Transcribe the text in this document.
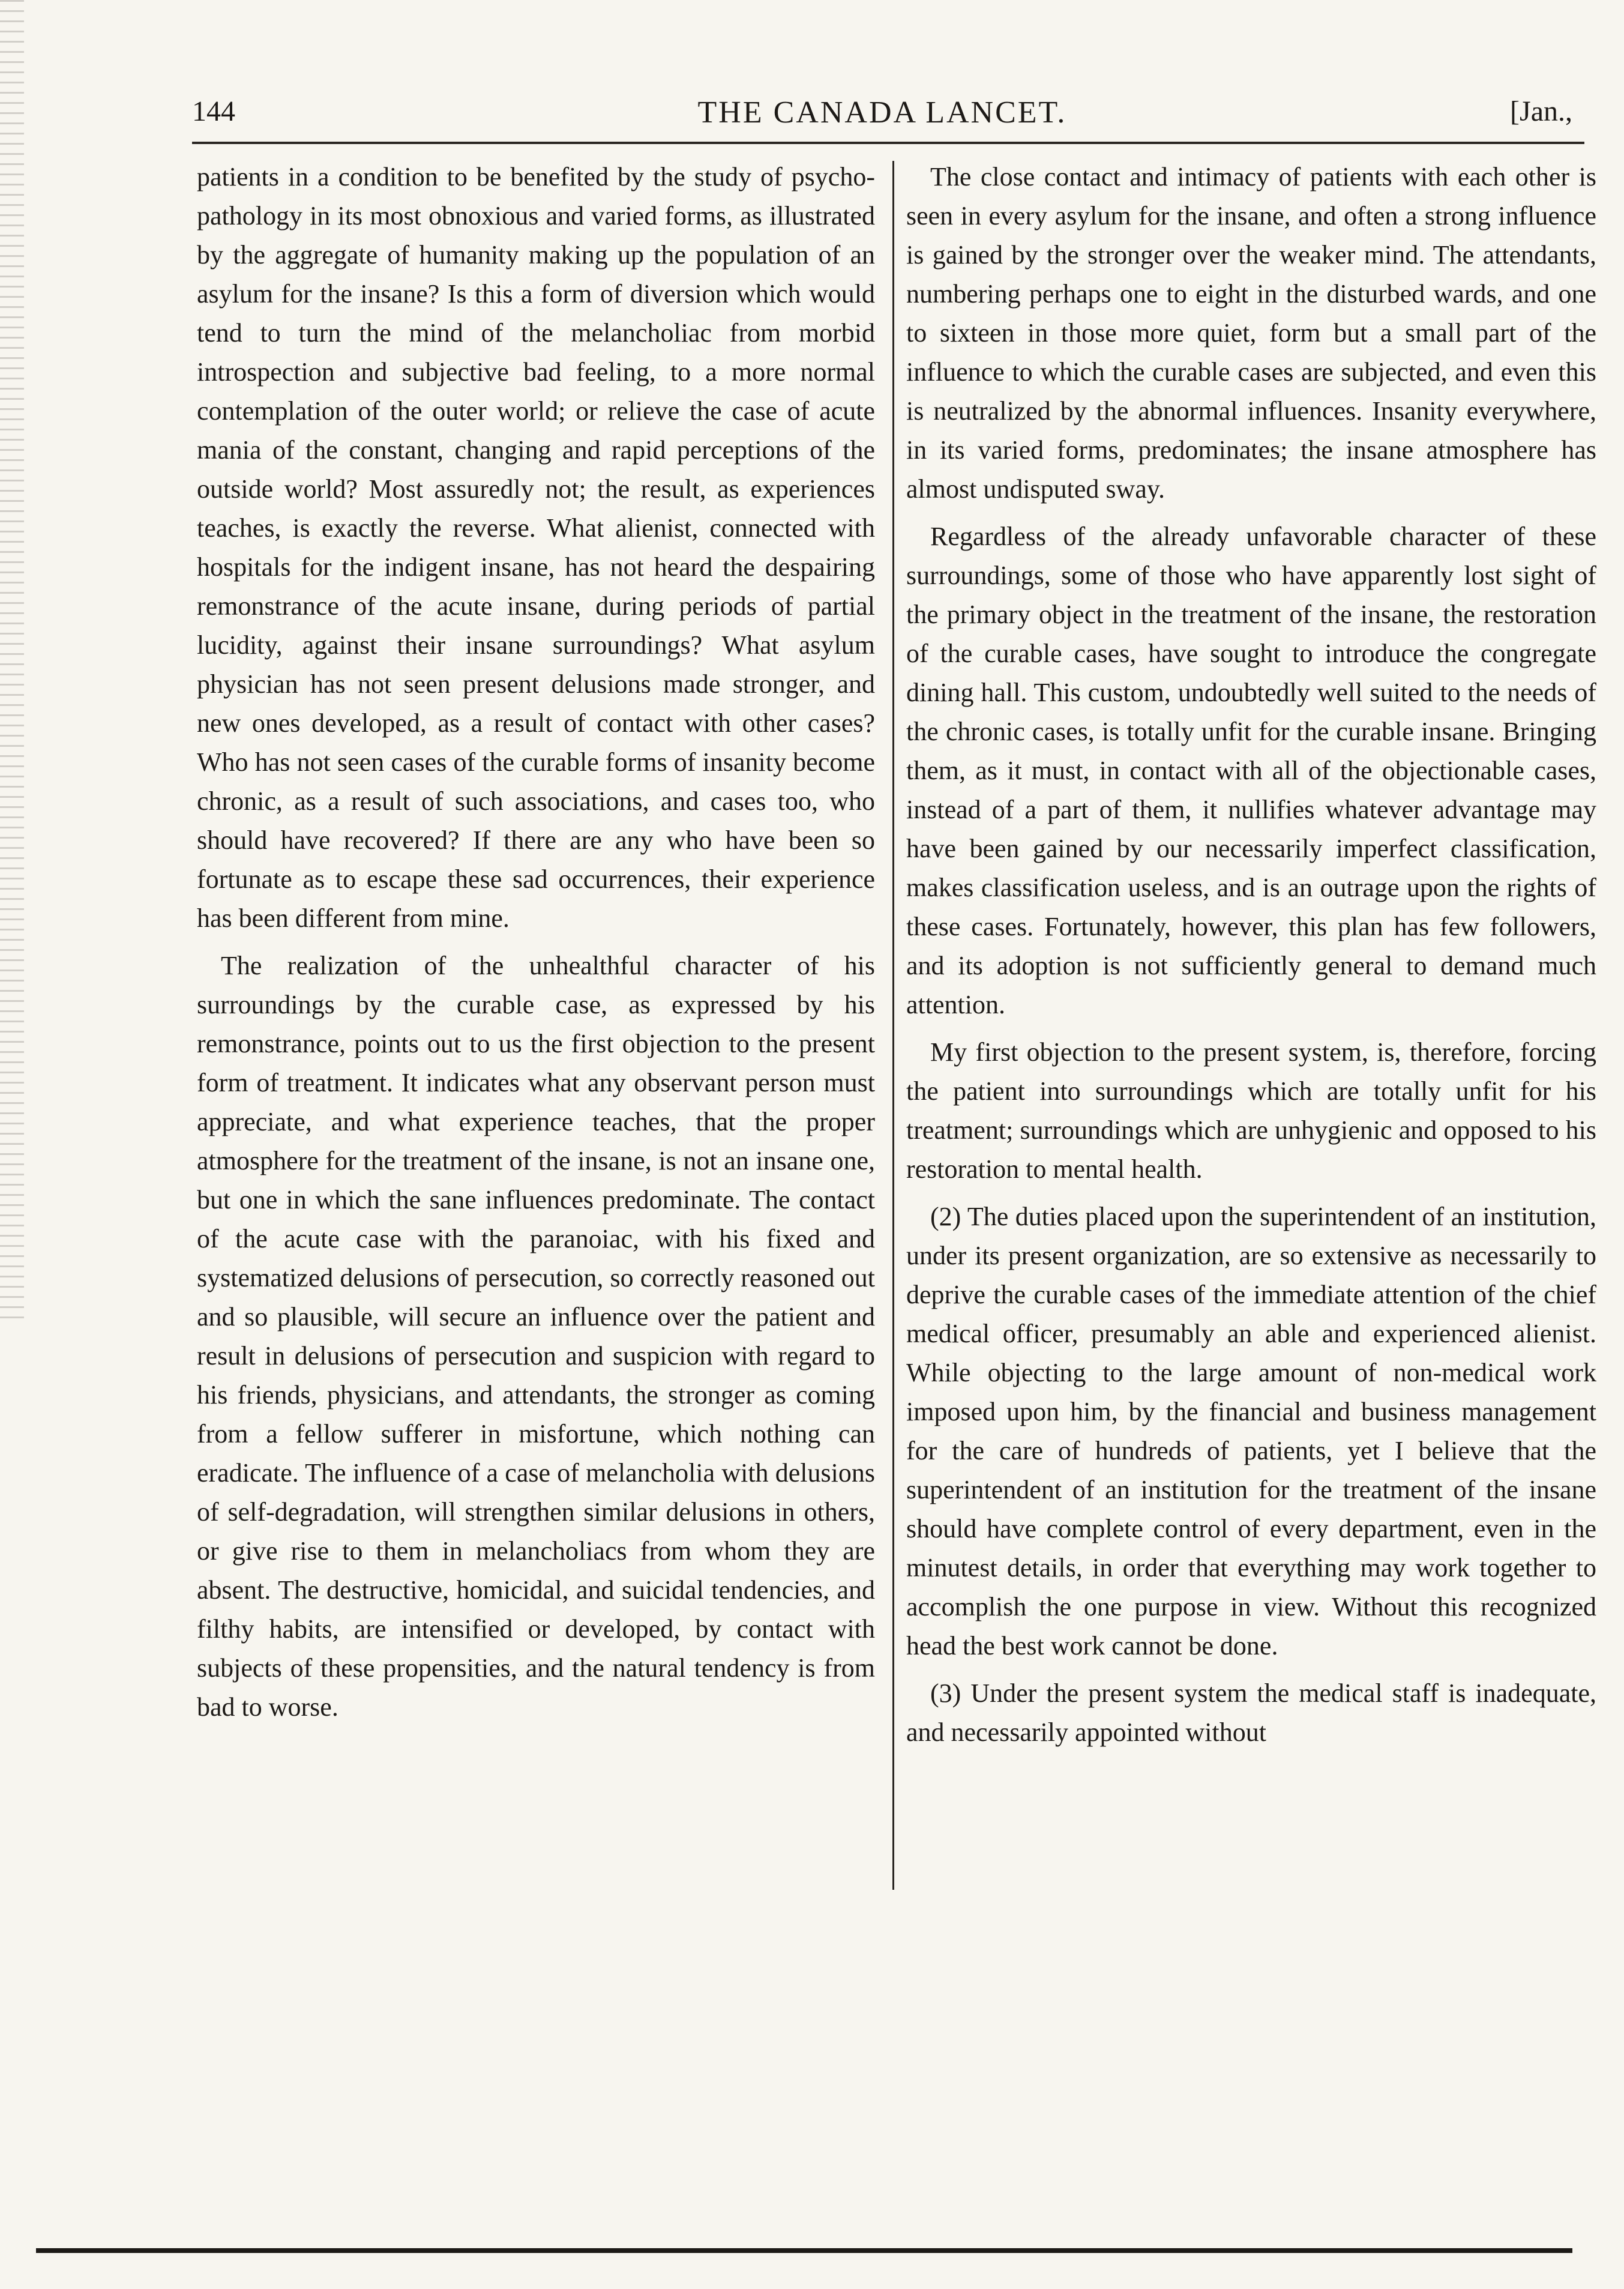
144	THE CANADA LANCET.	[Jan.,

patients in a condition to be benefited by the study of psycho-pathology in its most obnoxious and varied forms, as illustrated by the aggregate of humanity making up the population of an asylum for the insane? Is this a form of diversion which would tend to turn the mind of the melancholiac from morbid introspection and subjective bad feeling, to a more normal contemplation of the outer world; or relieve the case of acute mania of the constant, changing and rapid perceptions of the outside world? Most assuredly not; the result, as experiences teaches, is exactly the reverse. What alienist, connected with hospitals for the indigent insane, has not heard the despairing remonstrance of the acute insane, during periods of partial lucidity, against their insane surroundings? What asylum physician has not seen present delusions made stronger, and new ones developed, as a result of contact with other cases? Who has not seen cases of the curable forms of insanity become chronic, as a result of such associations, and cases too, who should have recovered? If there are any who have been so fortunate as to escape these sad occurrences, their experience has been different from mine.

The realization of the unhealthful character of his surroundings by the curable case, as expressed by his remonstrance, points out to us the first objection to the present form of treatment. It indicates what any observant person must appreciate, and what experience teaches, that the proper atmosphere for the treatment of the insane, is not an insane one, but one in which the sane influences predominate. The contact of the acute case with the paranoiac, with his fixed and systematized delusions of persecution, so correctly reasoned out and so plausible, will secure an influence over the patient and result in delusions of persecution and suspicion with regard to his friends, physicians, and attendants, the stronger as coming from a fellow sufferer in misfortune, which nothing can eradicate. The influence of a case of melancholia with delusions of self-degradation, will strengthen similar delusions in others, or give rise to them in melancholiacs from whom they are absent. The destructive, homicidal, and suicidal tendencies, and filthy habits, are intensified or developed, by contact with subjects of these propensities, and the natural tendency is from bad to worse.

The close contact and intimacy of patients with each other is seen in every asylum for the insane, and often a strong influence is gained by the stronger over the weaker mind. The attendants, numbering perhaps one to eight in the disturbed wards, and one to sixteen in those more quiet, form but a small part of the influence to which the curable cases are subjected, and even this is neutralized by the abnormal influences. Insanity everywhere, in its varied forms, predominates; the insane atmosphere has almost undisputed sway.

Regardless of the already unfavorable character of these surroundings, some of those who have apparently lost sight of the primary object in the treatment of the insane, the restoration of the curable cases, have sought to introduce the congregate dining hall. This custom, undoubtedly well suited to the needs of the chronic cases, is totally unfit for the curable insane. Bringing them, as it must, in contact with all of the objectionable cases, instead of a part of them, it nullifies whatever advantage may have been gained by our necessarily imperfect classification, makes classification useless, and is an outrage upon the rights of these cases. Fortunately, however, this plan has few followers, and its adoption is not sufficiently general to demand much attention.

My first objection to the present system, is, therefore, forcing the patient into surroundings which are totally unfit for his treatment; surroundings which are unhygienic and opposed to his restoration to mental health.

(2) The duties placed upon the superintendent of an institution, under its present organization, are so extensive as necessarily to deprive the curable cases of the immediate attention of the chief medical officer, presumably an able and experienced alienist. While objecting to the large amount of non-medical work imposed upon him, by the financial and business management for the care of hundreds of patients, yet I believe that the superintendent of an institution for the treatment of the insane should have complete control of every department, even in the minutest details, in order that everything may work together to accomplish the one purpose in view. Without this recognized head the best work cannot be done.

(3) Under the present system the medical staff is inadequate, and necessarily appointed without
